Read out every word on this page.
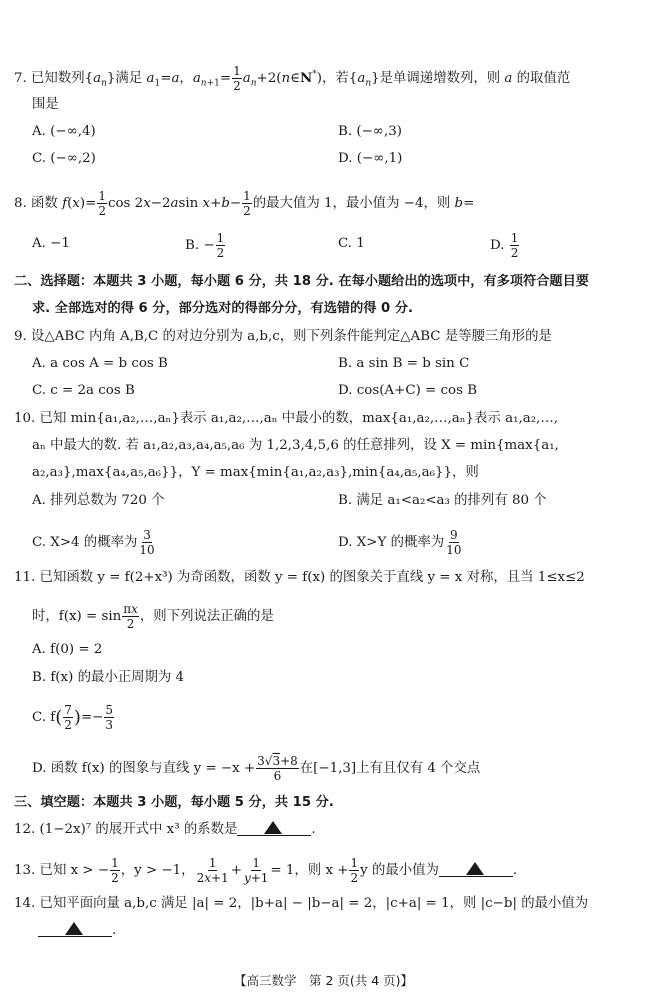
7. 已知数列$\{a_n\}$满足 $a_1=a$，$a_{n+1}= \frac{1}{2}$ $a_n+2(n\in N^*)$，若$\{a_n\}$是单调递增数列，则 a 的取值范
围是
A. (−∞,4)	B. (−∞,3)
C. (−∞,2)	D. (−∞,1)
8. 函数 $f(x)= \frac{1}{2}$ cos 2x−2asin $x+b- \frac{1}{2}$ 的最大值为 1，最小值为 −4，则 b=
A. −1	B. − $\frac{1}{2}$	C. 1	D. $\frac{1}{2}$
二、选择题：本题共 3 小题，每小题 6 分，共 18 分. 在每小题给出的选项中，有多项符合题目要
求. 全部选对的得 6 分，部分选对的得部分分，有选错的得 0 分.
9. 设△ABC 内角 A,B,C 的对边分别为 a,b,c，则下列条件能判定△ABC 是等腰三角形的是
A. a cos A = b cos B	B. a sin B = b sin C
C. c = 2a cos B	D. cos(A+C) = cos B
10. 已知 min{a₁,a₂,…,aₙ}表示 a₁,a₂,…,aₙ 中最小的数，max{a₁,a₂,…,aₙ}表示 a₁,a₂,…,
aₙ 中最大的数. 若 a₁,a₂,a₃,a₄,a₅,a₆ 为 1,2,3,4,5,6 的任意排列，设 X = min{max{a₁,
a₂,a₃},max{a₄,a₅,a₆}}，Y = max{min{a₁,a₂,a₃},min{a₄,a₅,a₆}}，则
A. 排列总数为 720 个	B. 满足 a₁<a₂<a₃ 的排列有 80 个
C. X>4 的概率为 $\frac{3}{10}$	D. X>Y 的概率为 $\frac{9}{10}$
11. 已知函数 y = f(2+x³) 为奇函数，函数 y = f(x) 的图象关于直线 y = x 对称，且当 1≤x≤2
时，$f(x) = \sin \frac{\pi x}{2}$ ，则下列说法正确的是
A. f(0) = 2
B. f(x) 的最小正周期为 4
C. $f( \frac{7}{2}$ )=− $\frac{5}{3}$
D. 函数 f(x) 的图象与直线 $y = -x + \frac{3√3+8}{6}$ 在[−1,3]上有且仅有 4 个交点
三、填空题：本题共 3 小题，每小题 5 分，共 15 分.
12. (1−2x)⁷ 的展开式中 x³ 的系数是	.
13. 已知 x > − $\frac{1}{2}$ ，y > −1， $\frac{1}{2x+1} + \frac{1}{y+1} = 1$，则 $x + \frac{1}{2}$ y 的最小值为	.
14. 已知平面向量 a,b,c 满足 |a| = 2，|b+a| − |b−a| = 2，|c+a| = 1，则 |c−b| 的最小值为
.
【高三数学　第 2 页(共 4 页)】
